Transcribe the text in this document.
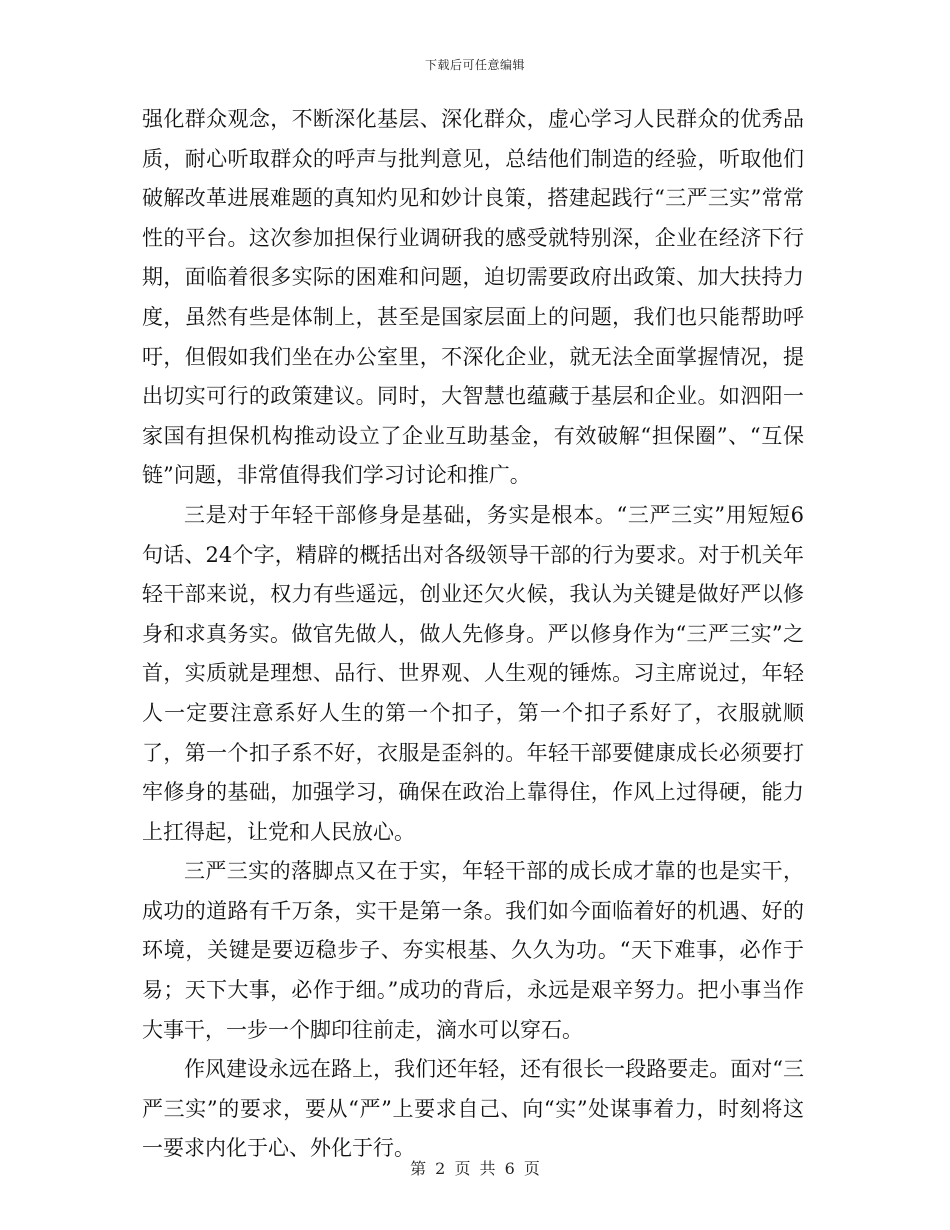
下载后可任意编辑

强化群众观念，不断深化基层、深化群众，虚心学习人民群众的优秀品质，耐心听取群众的呼声与批判意见，总结他们制造的经验，听取他们破解改革进展难题的真知灼见和妙计良策，搭建起践行“三严三实”常常性的平台。这次参加担保行业调研我的感受就特别深，企业在经济下行期，面临着很多实际的困难和问题，迫切需要政府出政策、加大扶持力度，虽然有些是体制上，甚至是国家层面上的问题，我们也只能帮助呼吁，但假如我们坐在办公室里，不深化企业，就无法全面掌握情况，提出切实可行的政策建议。同时，大智慧也蕴藏于基层和企业。如泗阳一家国有担保机构推动设立了企业互助基金，有效破解“担保圈”、“互保链”问题，非常值得我们学习讨论和推广。

三是对于年轻干部修身是基础，务实是根本。“三严三实”用短短6句话、24个字，精辟的概括出对各级领导干部的行为要求。对于机关年轻干部来说，权力有些遥远，创业还欠火候，我认为关键是做好严以修身和求真务实。做官先做人，做人先修身。严以修身作为“三严三实”之首，实质就是理想、品行、世界观、人生观的锤炼。习主席说过，年轻人一定要注意系好人生的第一个扣子，第一个扣子系好了，衣服就顺了，第一个扣子系不好，衣服是歪斜的。年轻干部要健康成长必须要打牢修身的基础，加强学习，确保在政治上靠得住，作风上过得硬，能力上扛得起，让党和人民放心。

三严三实的落脚点又在于实，年轻干部的成长成才靠的也是实干，成功的道路有千万条，实干是第一条。我们如今面临着好的机遇、好的环境，关键是要迈稳步子、夯实根基、久久为功。“天下难事，必作于易；天下大事，必作于细。”成功的背后，永远是艰辛努力。把小事当作大事干，一步一个脚印往前走，滴水可以穿石。

作风建设永远在路上，我们还年轻，还有很长一段路要走。面对“三严三实”的要求，要从“严”上要求自己、向“实”处谋事着力，时刻将这一要求内化于心、外化于行。

第 2 页 共 6 页
